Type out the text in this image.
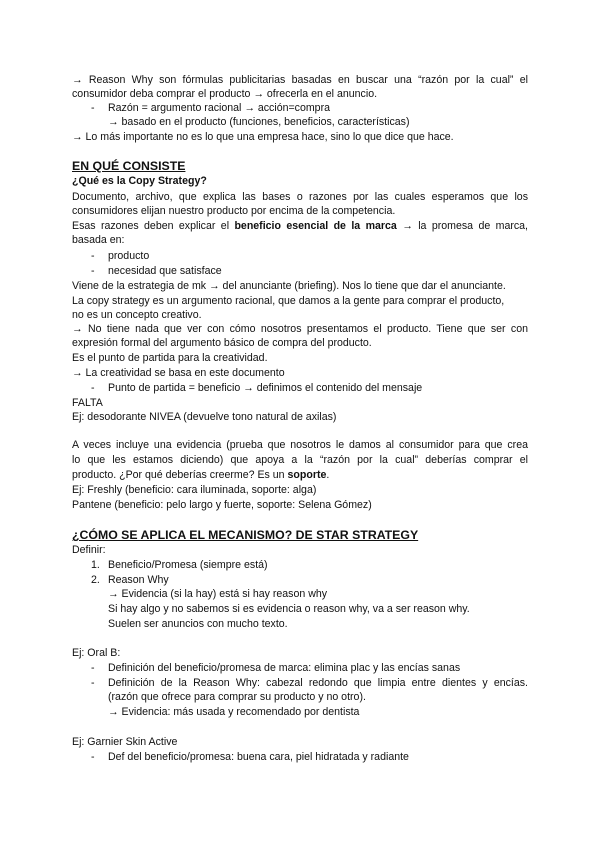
→ Reason Why son fórmulas publicitarias basadas en buscar una “razón por la cual” el
consumidor deba comprar el producto → ofrecerla en el anuncio.
- Razón = argumento racional → acción=compra
→ basado en el producto (funciones, beneficios, características)
→ Lo más importante no es lo que una empresa hace, sino lo que dice que hace.
EN QUÉ CONSISTE
¿Qué es la Copy Strategy?
Documento, archivo, que explica las bases o razones por las cuales esperamos que los
consumidores elijan nuestro producto por encima de la competencia.
Esas razones deben explicar el beneficio esencial de la marca → la promesa de marca,
basada en:
- producto
- necesidad que satisface
Viene de la estrategia de mk → del anunciante (briefing). Nos lo tiene que dar el anunciante.
La copy strategy es un argumento racional, que damos a la gente para comprar el producto,
no es un concepto creativo.
→ No tiene nada que ver con cómo nosotros presentamos el producto. Tiene que ser con
expresión formal del argumento básico de compra del producto.
Es el punto de partida para la creatividad.
→ La creatividad se basa en este documento
- Punto de partida = beneficio → definimos el contenido del mensaje
FALTA
Ej: desodorante NIVEA (devuelve tono natural de axilas)
A veces incluye una evidencia (prueba que nosotros le damos al consumidor para que crea
lo que les estamos diciendo) que apoya a la “razón por la cual” deberías comprar el
producto. ¿Por qué deberías creerme? Es un soporte.
Ej: Freshly (beneficio: cara iluminada, soporte: alga)
Pantene (beneficio: pelo largo y fuerte, soporte: Selena Gómez)
¿CÓMO SE APLICA EL MECANISMO? DE STAR STRATEGY
Definir:
1. Beneficio/Promesa (siempre está)
2. Reason Why
→ Evidencia (si la hay) está si hay reason why
Si hay algo y no sabemos si es evidencia o reason why, va a ser reason why.
Suelen ser anuncios con mucho texto.
Ej: Oral B:
- Definición del beneficio/promesa de marca: elimina plac y las encías sanas
- Definición de la Reason Why: cabezal redondo que limpia entre dientes y encías.
(razón que ofrece para comprar su producto y no otro).
→ Evidencia: más usada y recomendado por dentista
Ej: Garnier Skin Active
- Def del beneficio/promesa: buena cara, piel hidratada y radiante
